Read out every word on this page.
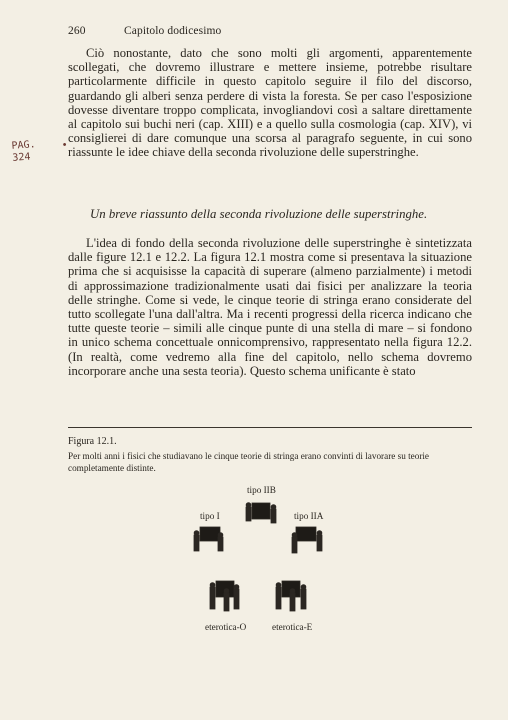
260	Capitolo dodicesimo

Ciò nonostante, dato che sono molti gli argomenti, apparentemente scollegati, che dovremo illustrare e mettere insieme, potrebbe risultare particolarmente difficile in questo capitolo seguire il filo del discorso, guardando gli alberi senza perdere di vista la foresta. Se per caso l'esposizione dovesse diventare troppo complicata, invogliandovi così a saltare direttamente al capitolo sui buchi neri (cap. XIII) e a quello sulla cosmologia (cap. XIV), vi consiglierei di dare comunque una scorsa al paragrafo seguente, in cui sono riassunte le idee chiave della seconda rivoluzione delle superstringhe.

PAG.
324
•
Un breve riassunto della seconda rivoluzione delle superstringhe.

L'idea di fondo della seconda rivoluzione delle superstringhe è sintetizzata dalle figure 12.1 e 12.2. La figura 12.1 mostra come si presentava la situazione prima che si acquisisse la capacità di superare (almeno parzialmente) i metodi di approssimazione tradizionalmente usati dai fisici per analizzare la teoria delle stringhe. Come si vede, le cinque teorie di stringa erano considerate del tutto scollegate l'una dall'altra. Ma i recenti progressi della ricerca indicano che tutte queste teorie – simili alle cinque punte di una stella di mare – si fondono in unico schema concettuale onnicomprensivo, rappresentato nella figura 12.2. (In realtà, come vedremo alla fine del capitolo, nello schema dovremo incorporare anche una sesta teoria). Questo schema unificante è stato

Figura 12.1.
Per molti anni i fisici che studiavano le cinque teorie di stringa erano convinti di lavorare su teorie completamente distinte.
tipo IIB
tipo I	tipo IIA
eterotica-O	eterotica-E
